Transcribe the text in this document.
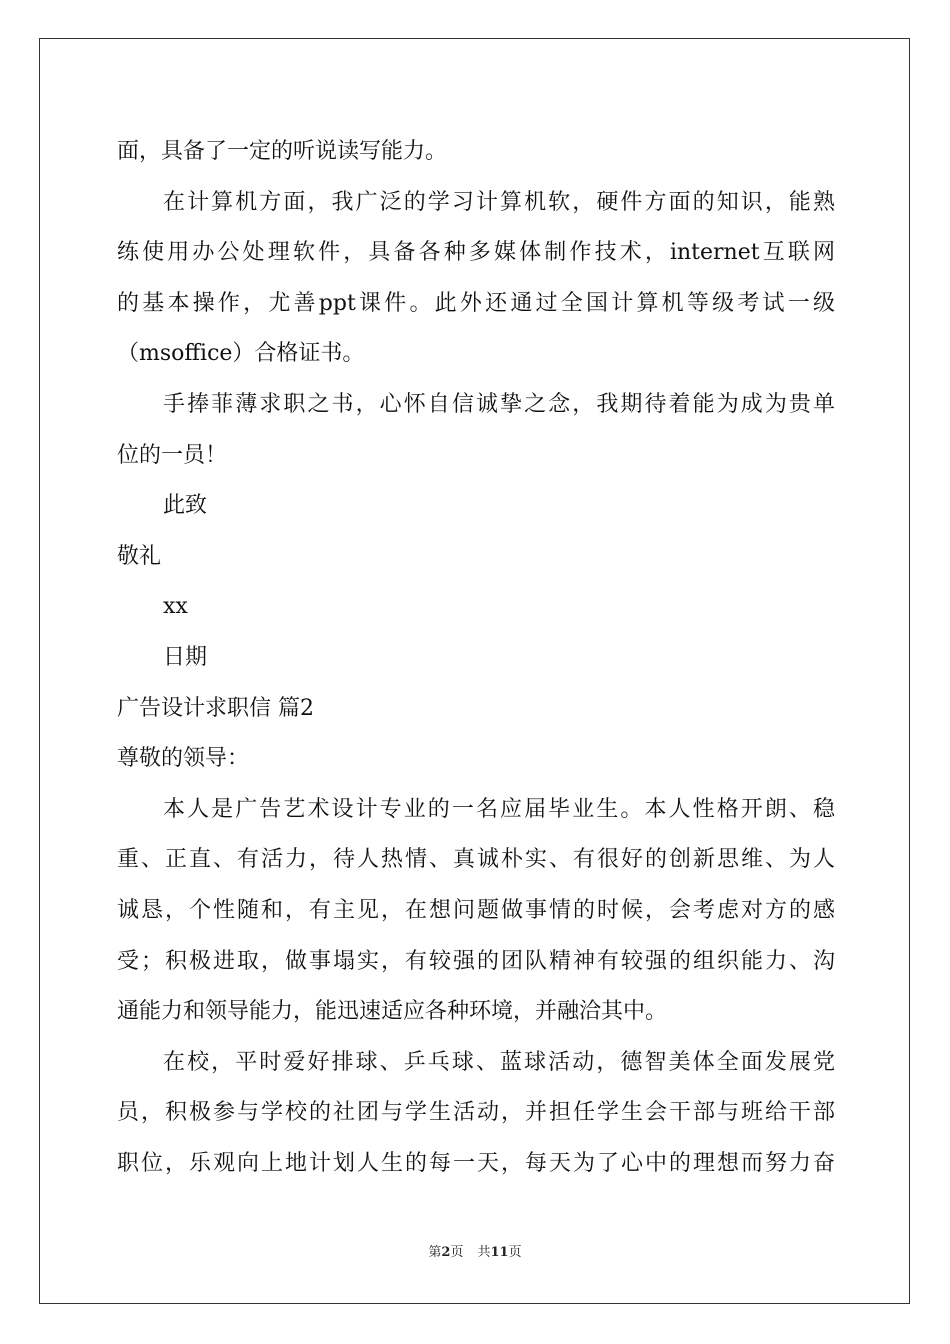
面，具备了一定的听说读写能力。
在计算机方面，我广泛的学习计算机软，硬件方面的知识，能熟
练使用办公处理软件，具备各种多媒体制作技术，internet互联网
的基本操作，尤善ppt课件。此外还通过全国计算机等级考试一级
（msoffice）合格证书。
手捧菲薄求职之书，心怀自信诚挚之念，我期待着能为成为贵单
位的一员！
此致
敬礼
xx
日期
广告设计求职信 篇2
尊敬的领导：
本人是广告艺术设计专业的一名应届毕业生。本人性格开朗、稳
重、正直、有活力，待人热情、真诚朴实、有很好的创新思维、为人
诚恳，个性随和，有主见，在想问题做事情的时候，会考虑对方的感
受；积极进取，做事塌实，有较强的团队精神有较强的组织能力、沟
通能力和领导能力，能迅速适应各种环境，并融洽其中。
在校，平时爱好排球、乒乓球、蓝球活动，德智美体全面发展党
员，积极参与学校的社团与学生活动，并担任学生会干部与班给干部
职位，乐观向上地计划人生的每一天，每天为了心中的理想而努力奋
第2页 共11页
